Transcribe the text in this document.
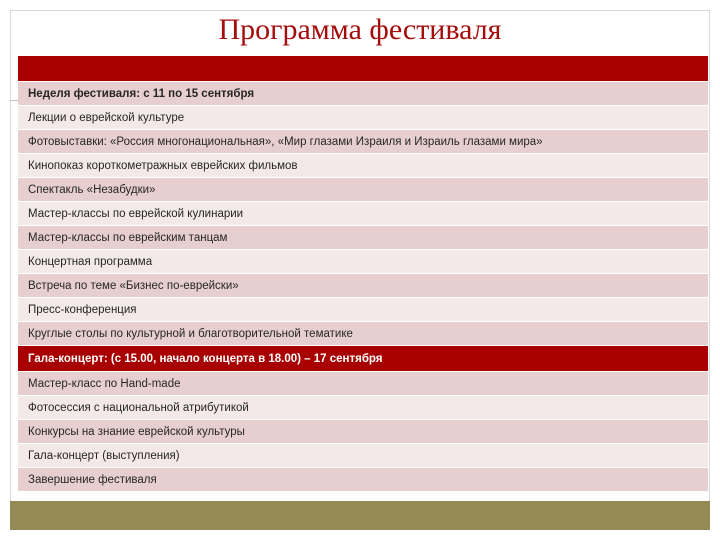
Программа фестиваля
Неделя фестиваля: с 11 по 15 сентября
Лекции о еврейской культуре
Фотовыставки: «Россия многонациональная», «Мир глазами Израиля и Израиль глазами мира»
Кинопоказ короткометражных еврейских фильмов
Спектакль «Незабудки»
Мастер-классы по еврейской кулинарии
Мастер-классы по еврейским танцам
Концертная программа
Встреча по теме «Бизнес по-еврейски»
Пресс-конференция
Круглые столы по культурной и благотворительной тематике
Гала-концерт: (с 15.00, начало концерта в 18.00) – 17 сентября
Мастер-класс по Hand-made
Фотосессия с национальной атрибутикой
Конкурсы на знание еврейской культуры
Гала-концерт (выступления)
Завершение фестиваля
